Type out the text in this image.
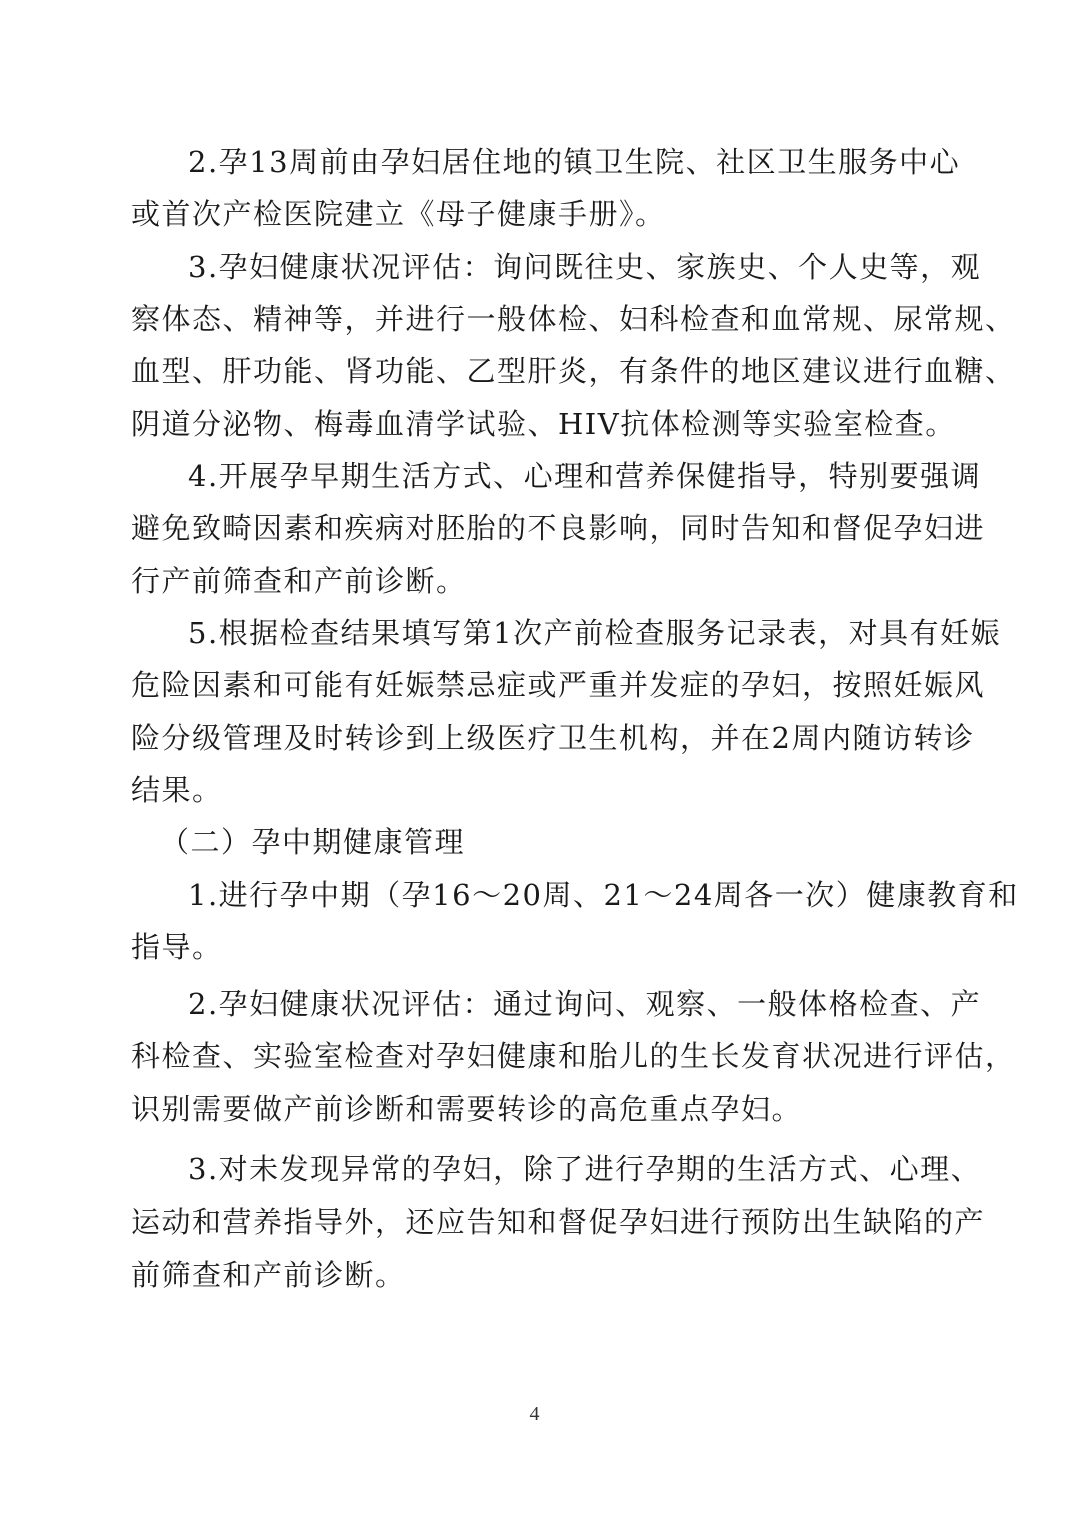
2.孕13周前由孕妇居住地的镇卫生院、社区卫生服务中心
或首次产检医院建立《母子健康手册》。
3.孕妇健康状况评估：询问既往史、家族史、个人史等，观
察体态、精神等，并进行一般体检、妇科检查和血常规、尿常规、
血型、肝功能、肾功能、乙型肝炎，有条件的地区建议进行血糖、
阴道分泌物、梅毒血清学试验、HIV抗体检测等实验室检查。
4.开展孕早期生活方式、心理和营养保健指导，特别要强调
避免致畸因素和疾病对胚胎的不良影响，同时告知和督促孕妇进
行产前筛查和产前诊断。
5.根据检查结果填写第1次产前检查服务记录表，对具有妊娠
危险因素和可能有妊娠禁忌症或严重并发症的孕妇，按照妊娠风
险分级管理及时转诊到上级医疗卫生机构，并在2周内随访转诊
结果。
（二）孕中期健康管理
1.进行孕中期（孕16～20周、21～24周各一次）健康教育和
指导。
2.孕妇健康状况评估：通过询问、观察、一般体格检查、产
科检查、实验室检查对孕妇健康和胎儿的生长发育状况进行评估，
识别需要做产前诊断和需要转诊的高危重点孕妇。
3.对未发现异常的孕妇，除了进行孕期的生活方式、心理、
运动和营养指导外，还应告知和督促孕妇进行预防出生缺陷的产
前筛查和产前诊断。
4
